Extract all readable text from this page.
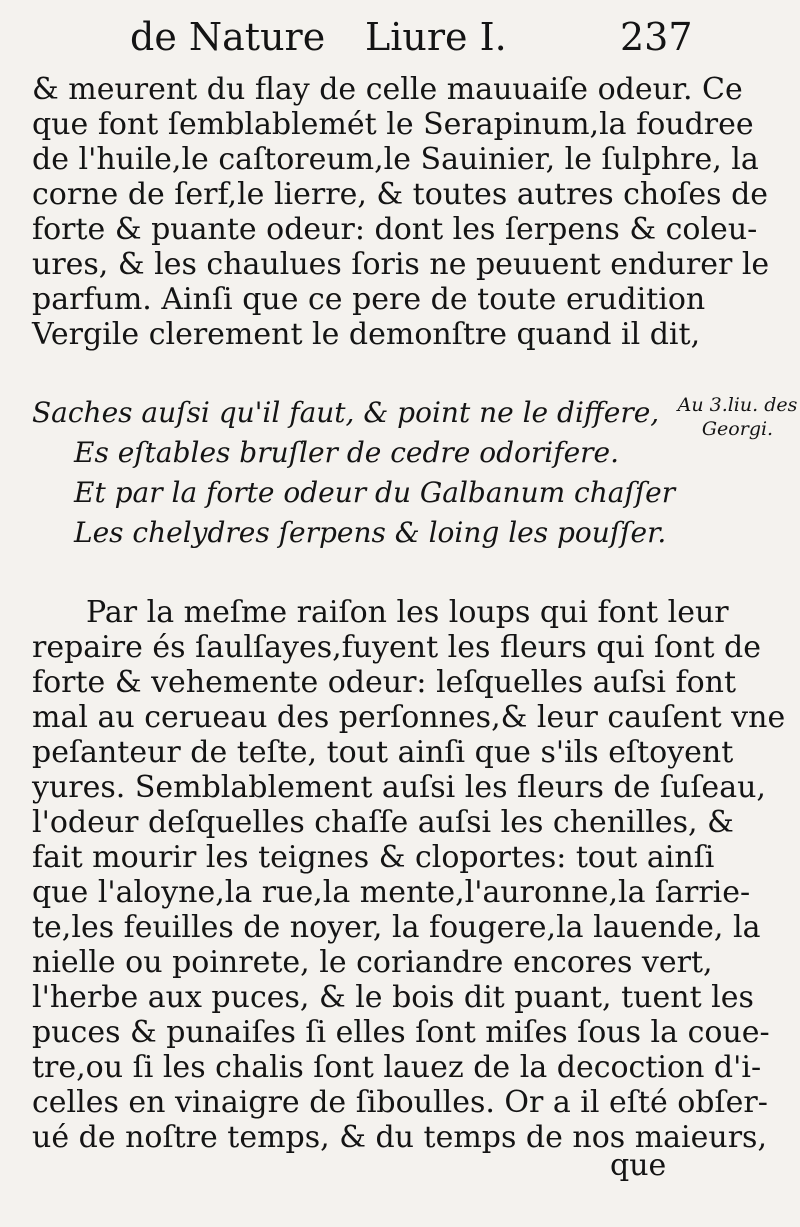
de Nature Liure I.	237
& meurent du flay de celle mauuaiſe odeur. Ce
que font ſemblablemét le Serapinum,la foudree
de l'huile,le caſtoreum,le Sauinier, le ſulphre, la
corne de ſerf,le lierre, & toutes autres choſes de
forte & puante odeur: dont les ſerpens & coleu-
ures, & les chaulues ſoris ne peuuent endurer le
parfum. Ainſi que ce pere de toute erudition
Vergile clerement le demonſtre quand il dit,
Saches auſsi qu'il faut, & point ne le differe,
Es eſtables bruſler de cedre odorifere.
Et par la forte odeur du Galbanum chaſſer
Les chelydres ſerpens & loing les pouſſer.
Au 3.liu. des
Georgi.
Par la meſme raiſon les loups qui font leur
repaire és ſaulſayes,fuyent les fleurs qui ſont de
forte & vehemente odeur: leſquelles auſsi font
mal au cerueau des perſonnes,& leur cauſent vne
peſanteur de teſte, tout ainſi que s'ils eſtoyent
yures. Semblablement auſsi les fleurs de ſuſeau,
l'odeur deſquelles chaſſe auſsi les chenilles, &
fait mourir les teignes & cloportes: tout ainſi
que l'aloyne,la rue,la mente,l'auronne,la ſarrie-
te,les feuilles de noyer, la fougere,la lauende, la
nielle ou poinrete, le coriandre encores vert,
l'herbe aux puces, & le bois dit puant, tuent les
puces & punaiſes ſi elles ſont miſes ſous la coue-
tre,ou ſi les chalis ſont lauez de la decoction d'i-
celles en vinaigre de ſiboulles. Or a il eſté obſer-
ué de noſtre temps, & du temps de nos maieurs,
que
